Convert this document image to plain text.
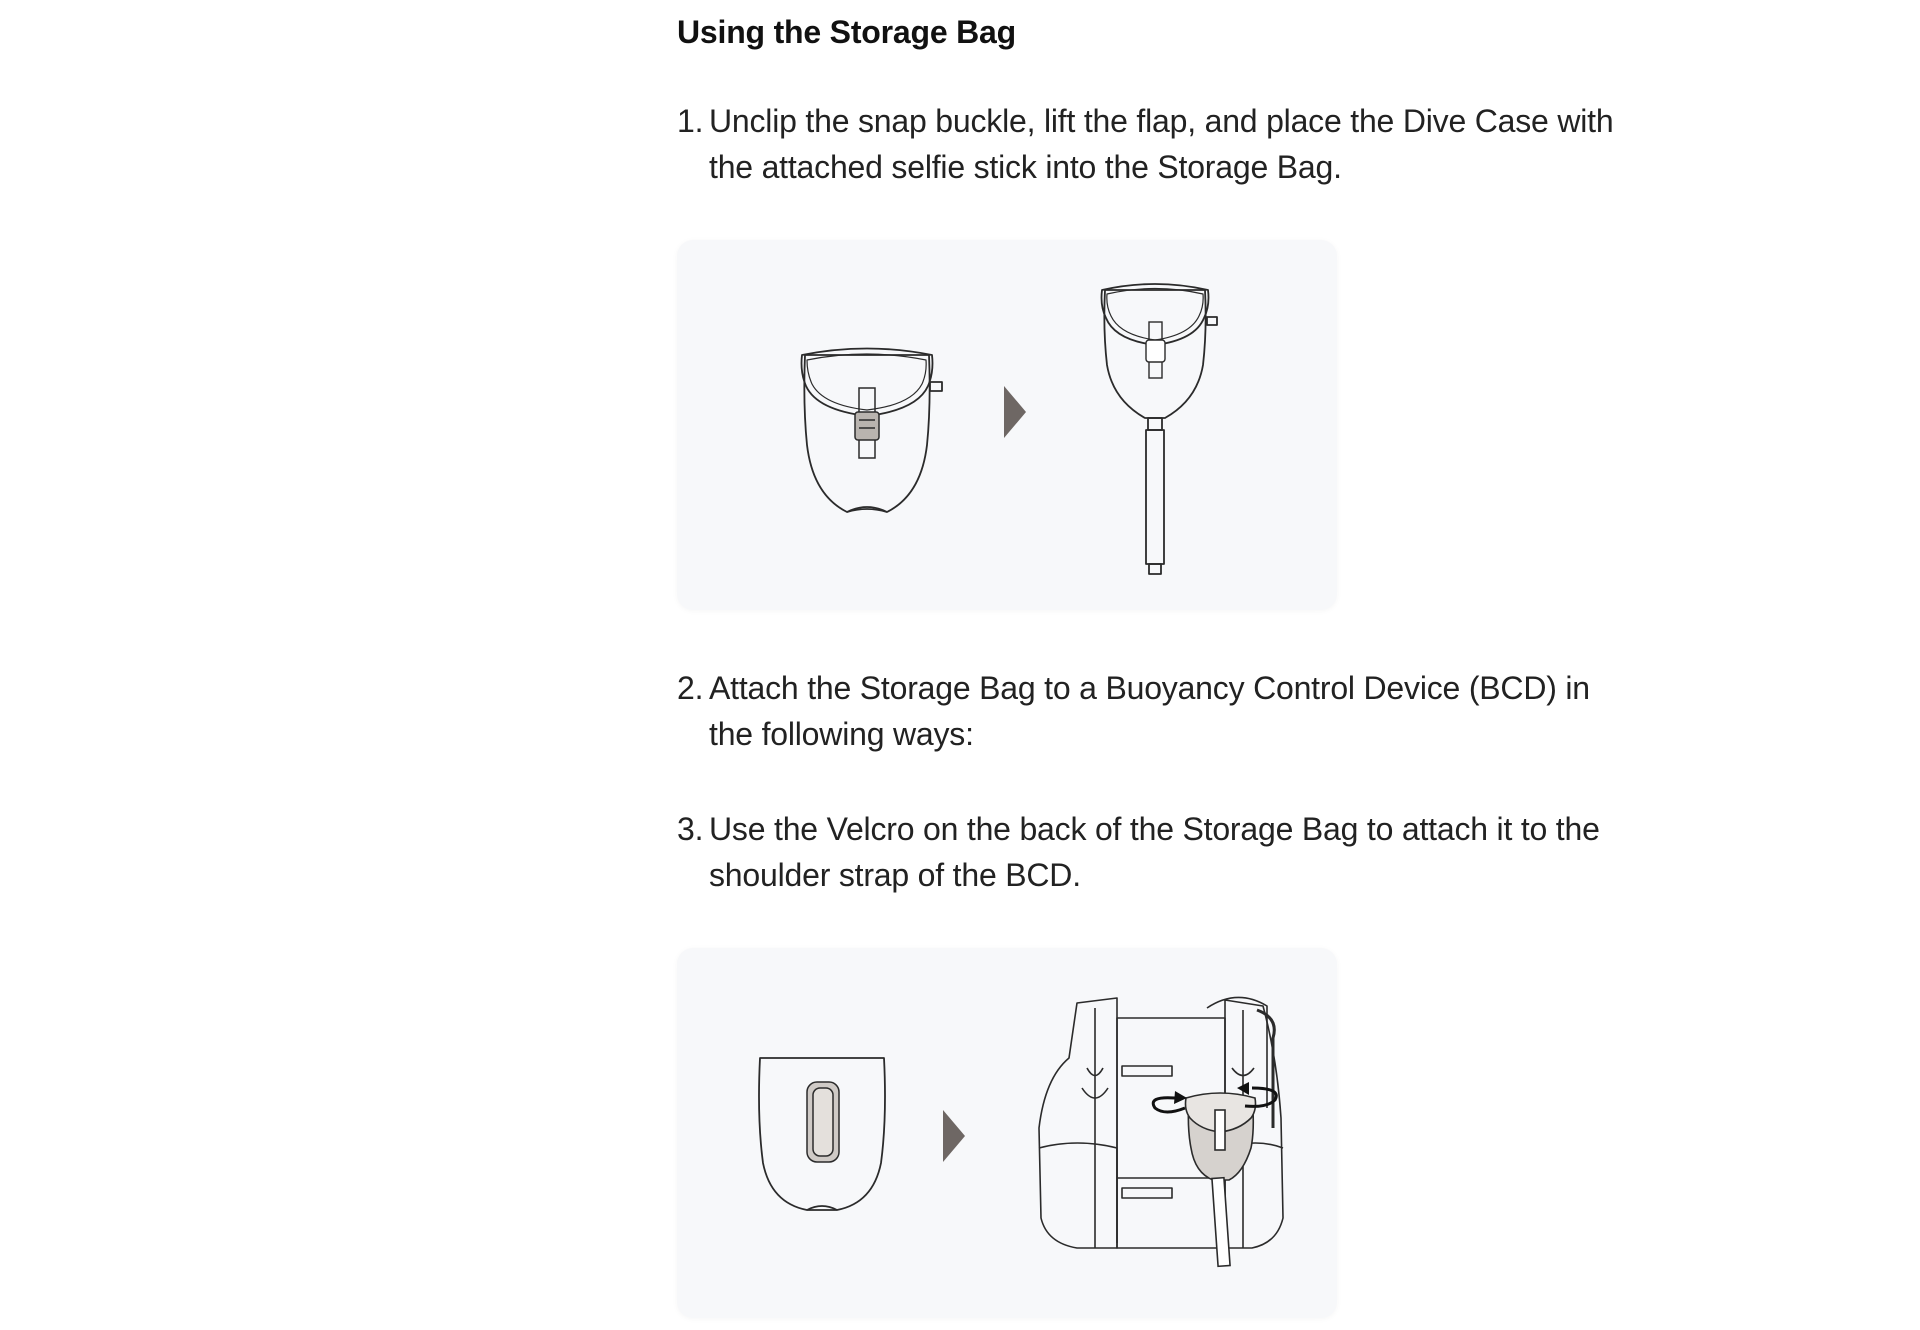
Using the Storage Bag
1. Unclip the snap buckle, lift the flap, and place the Dive Case with the attached selfie stick into the Storage Bag.
2. Attach the Storage Bag to a Buoyancy Control Device (BCD) in the following ways:
3. Use the Velcro on the back of the Storage Bag to attach it to the shoulder strap of the BCD.
